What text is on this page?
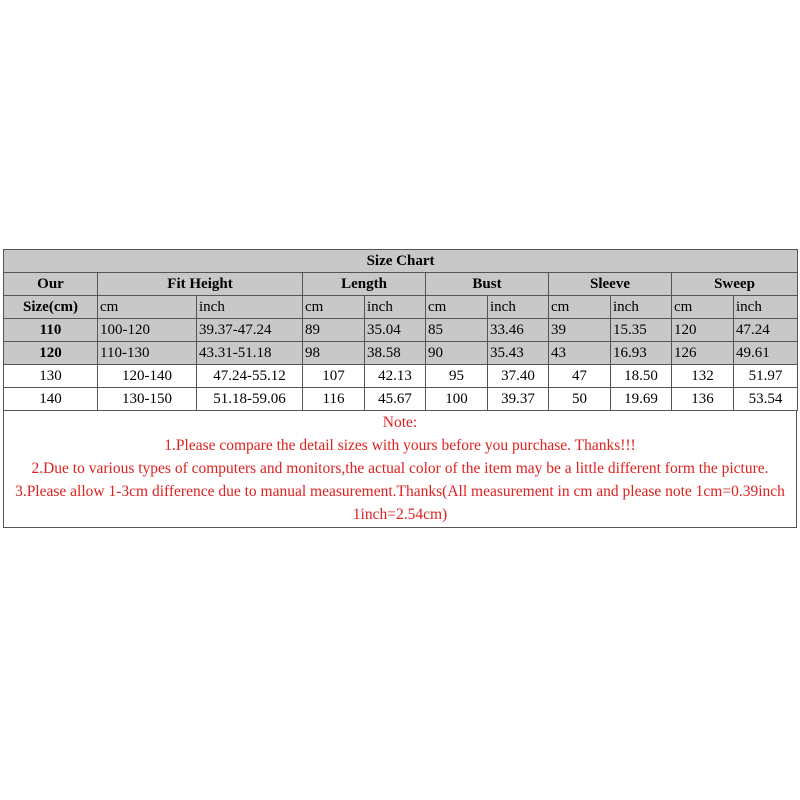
Size Chart										
Our	Fit Height		Length		Bust		Sleeve		Sweep	
Size(cm)	cm	inch	cm	inch	cm	inch	cm	inch	cm	inch
110	100-120	39.37-47.24	89	35.04	85	33.46	39	15.35	120	47.24
120	110-130	43.31-51.18	98	38.58	90	35.43	43	16.93	126	49.61
130	120-140	47.24-55.12	107	42.13	95	37.40	47	18.50	132	51.97
140	130-150	51.18-59.06	116	45.67	100	39.37	50	19.69	136	53.54
Note:
1.Please compare the detail sizes with yours before you purchase. Thanks!!!
2.Due to various types of computers and monitors,the actual color of the item may be a little different form the picture.
3.Please allow 1-3cm difference due to manual measurement.Thanks(All measurement in cm and please note 1cm=0.39inch 1inch=2.54cm)
